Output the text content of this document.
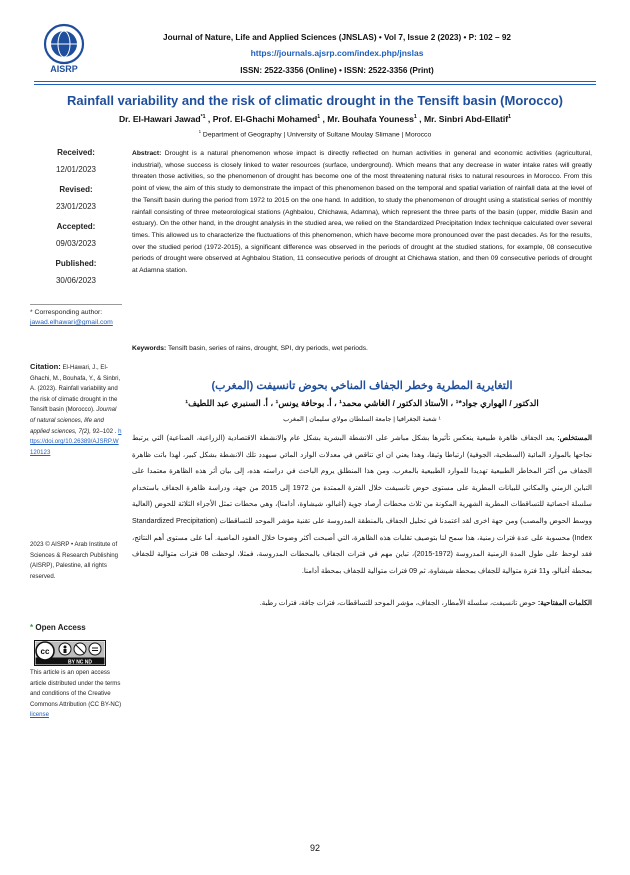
AISRP
Journal of Nature, Life and Applied Sciences (JNSLAS) • Vol 7, Issue 2 (2023) • P: 102 – 92
https://journals.ajsrp.com/index.php/jnslas
ISSN: 2522-3356 (Online) • ISSN: 2522-3356 (Print)
Rainfall variability and the risk of climatic drought in the Tensift basin (Morocco)
Dr. El-Hawari Jawad$^{*1}$ , Prof. El-Ghachi Mohamed$^1$ , Mr. Bouhafa Youness$^1$ , Mr. Sinbri Abd-Ellatif$^1$
$^1$ Department of Geography | University of Sultane Moulay Slimane | Morocco
Received:
12/01/2023
Revised:
23/01/2023
Accepted:
09/03/2023
Published:
30/06/2023
* Corresponding author:
jawad.elhawari@gmail.com
Citation: El-Hawari, J., El-Ghachi, M., Bouhafa, Y., & Sinbri, A. (2023). Rainfall variability and the risk of climatic drought in the Tensift basin (Morocco). Journal of natural sciences, life and applied sciences, 7(2), 92–102 . https://doi.org/10.26389/AJSRP.W120123
2023 © AISRP • Arab Institute of Sciences & Research Publishing (AISRP), Palestine, all rights reserved.
* Open Access
cc
BY NC ND
This article is an open access article distributed under the terms and conditions of the Creative Commons Attribution (CC BY-NC) license
Abstract: Drought is a natural phenomenon whose impact is directly reflected on human activities in general and economic activities (agricultural, industrial), whose success is closely linked to water resources (surface, underground). Which means that any decrease in water intake rates will greatly threaten those activities, so the phenomenon of drought has become one of the most threatening natural risks to natural resources in Morocco. From this point of view, the aim of this study to demonstrate the impact of this phenomenon based on the temporal and spatial variation of rainfall data at the level of the Tensift basin during the period from 1972 to 2015 on the one hand. In addition, to study the phenomenon of drought using a statistical series of monthly rainfall consisting of three meteorological stations (Aghbalou, Chichawa, Adamna), which represent the three parts of the basin (upper, middle Basin and estuary). On the other hand, in the drought analysis in the studied area, we relied on the Standardized Precipitation Index technique calculated over several times. This allowed us to characterize the fluctuations of this phenomenon, which have become more pronounced over the past decades. As for the results, over the studied period (1972-2015), a significant difference was observed in the periods of drought at the studied stations, for example, 08 consecutive periods of drought were observed at Aghbalou Station, 11 consecutive periods of drought at Chichawa station, and then 09 consecutive periods of drought at Adamna station.
Keywords: Tensift basin, series of rains, drought, SPI, dry periods, wet periods.
التغايرية المطرية وخطر الجفاف المناخي بحوض تانسيفت (المغرب)
الدكتور / الهواري جواد*¹ ، الأستاذ الدكتور / الغاشي محمد¹ ، أ. بوحافة يونس¹ ، أ. السنبري عبد اللطيف¹
¹ شعبة الجغرافيا | جامعة السلطان مولاي سليمان | المغرب
المستخلص: يعد الجفاف ظاهرة طبيعية ينعكس تأثيرها بشكل مباشر على الانشطة البشرية بشكل عام والانشطة الاقتصادية (الزراعية، الصناعية) التي يرتبط نجاحها بالموارد المائية (السطحية، الجوفية) ارتباطا وثيقا، وهذا يعني ان اي تناقص في معدلات الوارد المائي سيهدد تلك الانشطة بشكل كبير، لهذا باتت ظاهرة الجفاف من أكثر المخاطر الطبيعية تهديدا للموارد الطبيعية بالمغرب. ومن هذا المنطلق يروم الباحث في دراسته هذه، إلى بيان أثر هذه الظاهرة معتمدا على التباين الزمني والمكاني للبيانات المطرية على مستوى حوض تانسيفت خلال الفترة الممتدة من 1972 إلى 2015 من جهة، ودراسة ظاهرة الجفاف باستخدام سلسلة احصائية للتساقطات المطرية الشهرية المكونة من ثلاث محطات أرصاد جوية (أغبالو، شيشاوة، أدامنا)، وهي محطات تمثل الأجزاء الثلاثة للحوض (العالية ووسط الحوض والمصب) ومن جهة اخرى لقد اعتمدنا في تحليل الجفاف بالمنطقة المدروسة على تقنية مؤشر الموحد للتساقطات (Standardized Precipitation Index) محسوبة على عدة فترات زمنية، هذا سمح لنا بتوصيف تقلبات هذه الظاهرة، التي أصبحت أكثر وضوحا خلال العقود الماضية. أما على مستوى أهم النتائج، فقد لوحظ على طول المدة الزمنية المدروسة (1972-2015)، تباين مهم في فترات الجفاف بالمحطات المدروسة، فمثلا، لوحظت 08 فترات متوالية للجفاف بمحطة أغبالو، و11 فترة متوالية للجفاف بمحطة شيشاوة، ثم 09 فترات متوالية للجفاف بمحطة أدامنا.
الكلمات المفتاحية: حوض تانسيفت، سلسلة الأمطار، الجفاف، مؤشر الموحد للتساقطات، فترات جافة، فترات رطبة.
92
